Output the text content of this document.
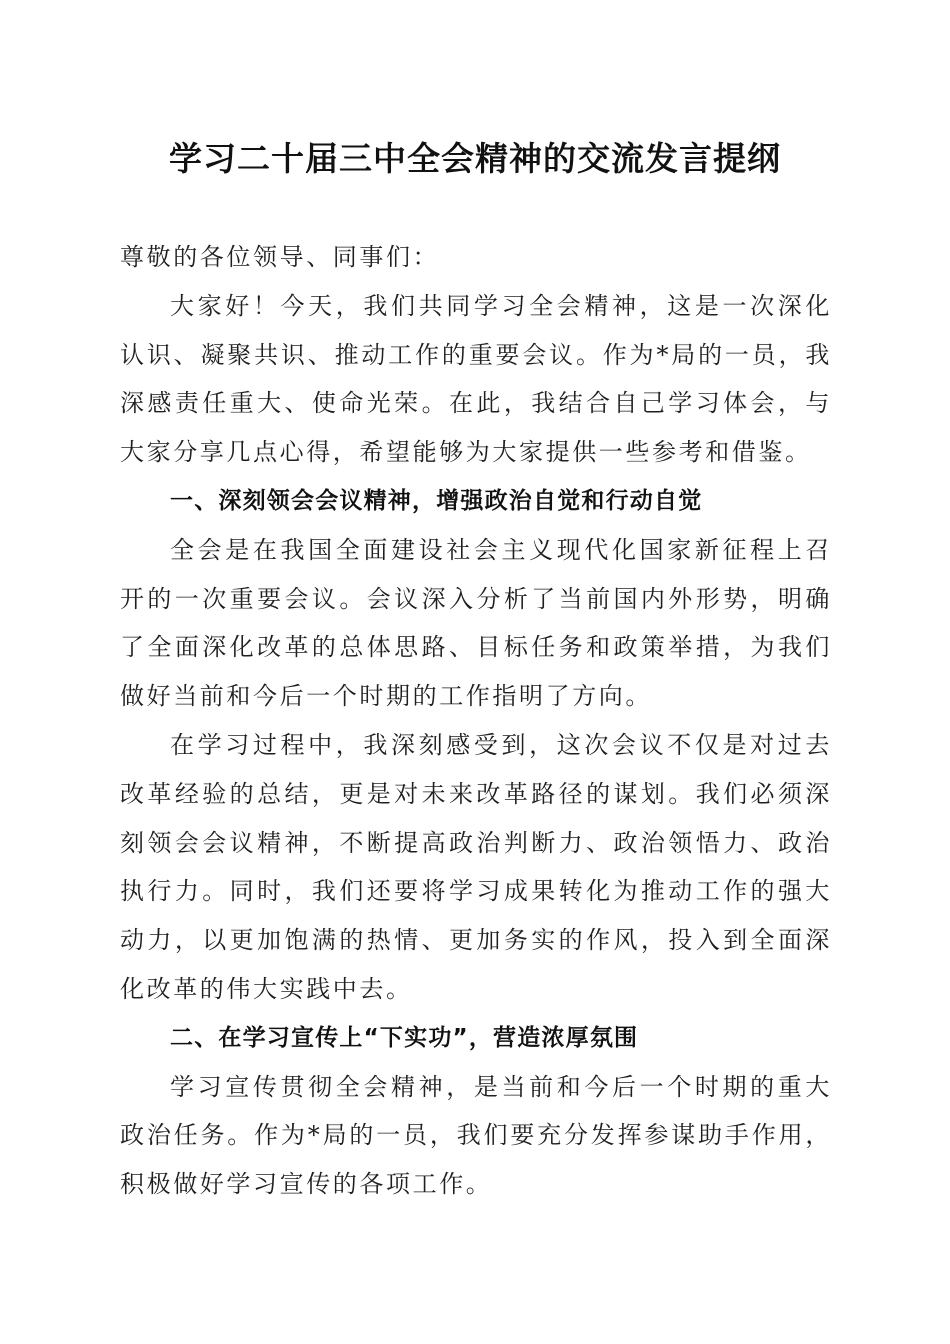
学习二十届三中全会精神的交流发言提纲

尊敬的各位领导、同事们：

大家好！今天，我们共同学习全会精神，这是一次深化认识、凝聚共识、推动工作的重要会议。作为*局的一员，我深感责任重大、使命光荣。在此，我结合自己学习体会，与大家分享几点心得，希望能够为大家提供一些参考和借鉴。

一、深刻领会会议精神，增强政治自觉和行动自觉

全会是在我国全面建设社会主义现代化国家新征程上召开的一次重要会议。会议深入分析了当前国内外形势，明确了全面深化改革的总体思路、目标任务和政策举措，为我们做好当前和今后一个时期的工作指明了方向。

在学习过程中，我深刻感受到，这次会议不仅是对过去改革经验的总结，更是对未来改革路径的谋划。我们必须深刻领会会议精神，不断提高政治判断力、政治领悟力、政治执行力。同时，我们还要将学习成果转化为推动工作的强大动力，以更加饱满的热情、更加务实的作风，投入到全面深化改革的伟大实践中去。

二、在学习宣传上“下实功”，营造浓厚氛围

学习宣传贯彻全会精神，是当前和今后一个时期的重大政治任务。作为*局的一员，我们要充分发挥参谋助手作用，积极做好学习宣传的各项工作。
